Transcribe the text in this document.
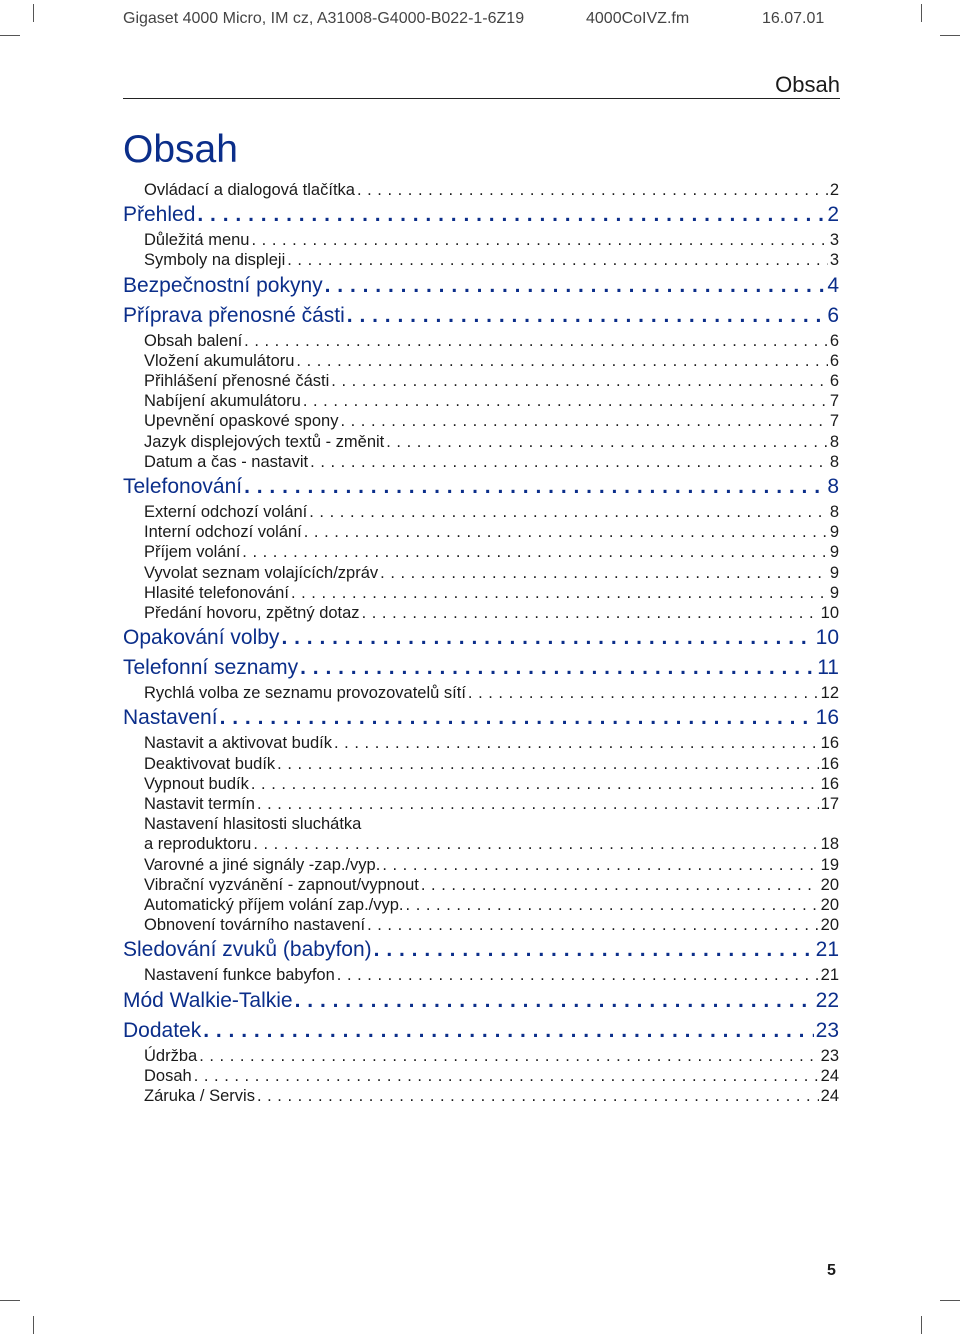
Gigaset 4000 Micro, IM cz, A31008-G4000-B022-1-6Z19	4000CoIVZ.fm	16.07.01
Obsah
Obsah
Ovládací a dialogová tlačítka . . .	2
Přehled . . .	2
Důležitá menu . . .	3
Symboly na displeji . . .	3
Bezpečnostní pokyny . . .	4
Příprava přenosné části . . .	6
Obsah balení . . .	6
Vložení akumulátoru . . .	6
Přihlášení přenosné části . . .	6
Nabíjení akumulátoru . . .	7
Upevnění opaskové spony . . .	7
Jazyk displejových textů - změnit . . .	8
Datum a čas - nastavit . . .	8
Telefonování . . .	8
Externí odchozí volání . . .	8
Interní odchozí volání . . .	9
Příjem volání . . .	9
Vyvolat seznam volajících/zpráv . . .	9
Hlasité telefonování . . .	9
Předání hovoru, zpětný dotaz . . .	10
Opakování volby . . .	10
Telefonní seznamy . . .	11
Rychlá volba ze seznamu provozovatelů sítí . . .	12
Nastavení . . .	16
Nastavit a aktivovat budík . . .	16
Deaktivovat budík . . .	16
Vypnout budík . . .	16
Nastavit termín . . .	17
Nastavení hlasitosti sluchátka
a reproduktoru . . .	18
Varovné a jiné signály -zap./vyp. . . .	19
Vibrační vyzvánění - zapnout/vypnout . . .	20
Automatický příjem volání zap./vyp. . . .	20
Obnovení továrního nastavení . . .	20
Sledování zvuků (babyfon) . . .	21
Nastavení funkce babyfon . . .	21
Mód Walkie-Talkie . . .	22
Dodatek . . .	23
Údržba . . .	23
Dosah . . .	24
Záruka / Servis . . .	24
5
